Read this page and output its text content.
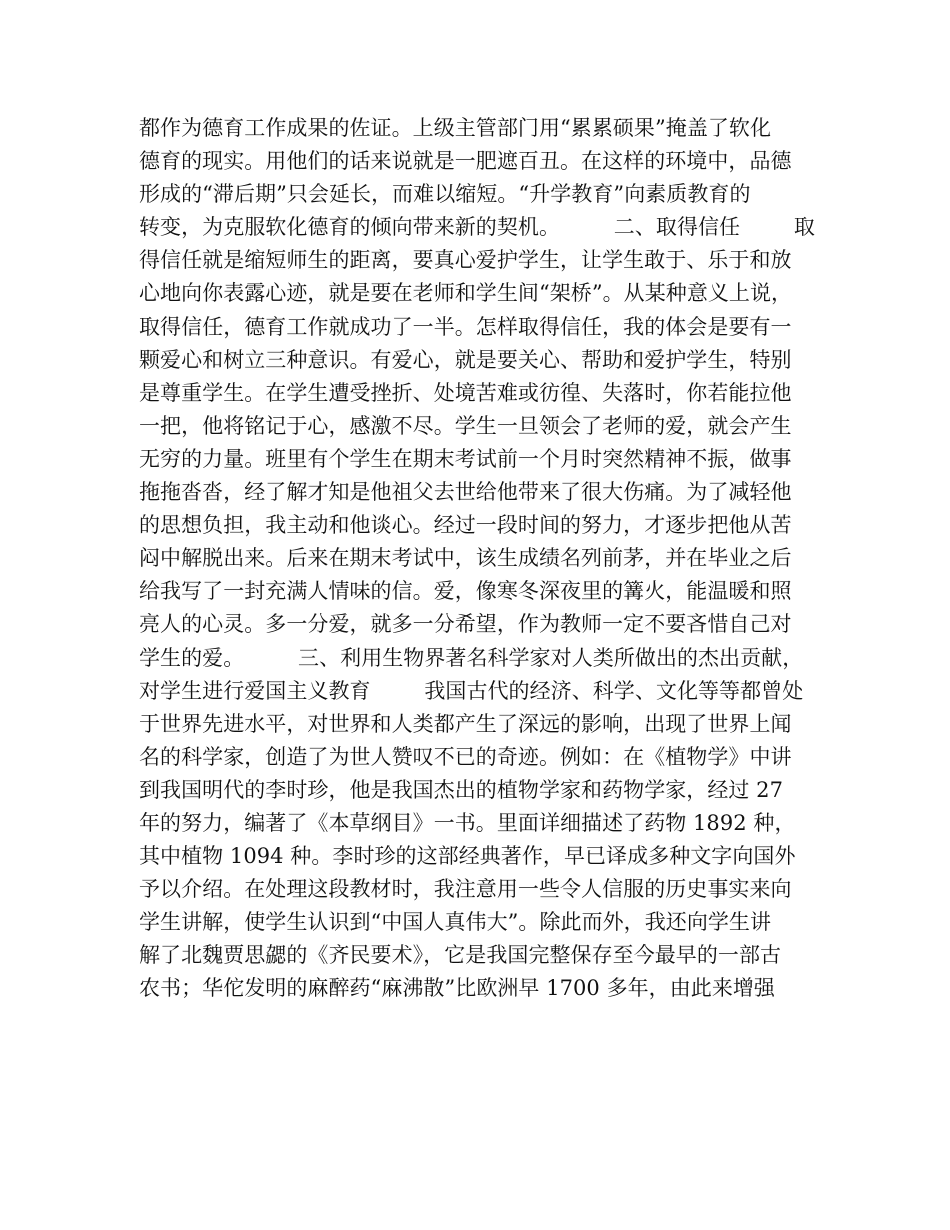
都作为德育工作成果的佐证。上级主管部门用“累累硕果”掩盖了软化
德育的现实。用他们的话来说就是一肥遮百丑。在这样的环境中，品德
形成的“滞后期”只会延长，而难以缩短。“升学教育”向素质教育的
转变，为克服软化德育的倾向带来新的契机。        二、取得信任        取
得信任就是缩短师生的距离，要真心爱护学生，让学生敢于、乐于和放
心地向你表露心迹，就是要在老师和学生间“架桥”。从某种意义上说，
取得信任，德育工作就成功了一半。怎样取得信任，我的体会是要有一
颗爱心和树立三种意识。有爱心，就是要关心、帮助和爱护学生，特别
是尊重学生。在学生遭受挫折、处境苦难或彷徨、失落时，你若能拉他
一把，他将铭记于心，感激不尽。学生一旦领会了老师的爱，就会产生
无穷的力量。班里有个学生在期末考试前一个月时突然精神不振，做事
拖拖沓沓，经了解才知是他祖父去世给他带来了很大伤痛。为了减轻他
的思想负担，我主动和他谈心。经过一段时间的努力，才逐步把他从苦
闷中解脱出来。后来在期末考试中，该生成绩名列前茅，并在毕业之后
给我写了一封充满人情味的信。爱，像寒冬深夜里的篝火，能温暖和照
亮人的心灵。多一分爱，就多一分希望，作为教师一定不要吝惜自己对
学生的爱。        三、利用生物界著名科学家对人类所做出的杰出贡献，
对学生进行爱国主义教育        我国古代的经济、科学、文化等等都曾处
于世界先进水平，对世界和人类都产生了深远的影响，出现了世界上闻
名的科学家，创造了为世人赞叹不已的奇迹。例如：在《植物学》中讲
到我国明代的李时珍，他是我国杰出的植物学家和药物学家，经过 27
年的努力，编著了《本草纲目》一书。里面详细描述了药物 1892 种，
其中植物 1094 种。李时珍的这部经典著作，早已译成多种文字向国外
予以介绍。在处理这段教材时，我注意用一些令人信服的历史事实来向
学生讲解，使学生认识到“中国人真伟大”。除此而外，我还向学生讲
解了北魏贾思勰的《齐民要术》，它是我国完整保存至今最早的一部古
农书；华佗发明的麻醉药“麻沸散”比欧洲早 1700 多年，由此来增强
